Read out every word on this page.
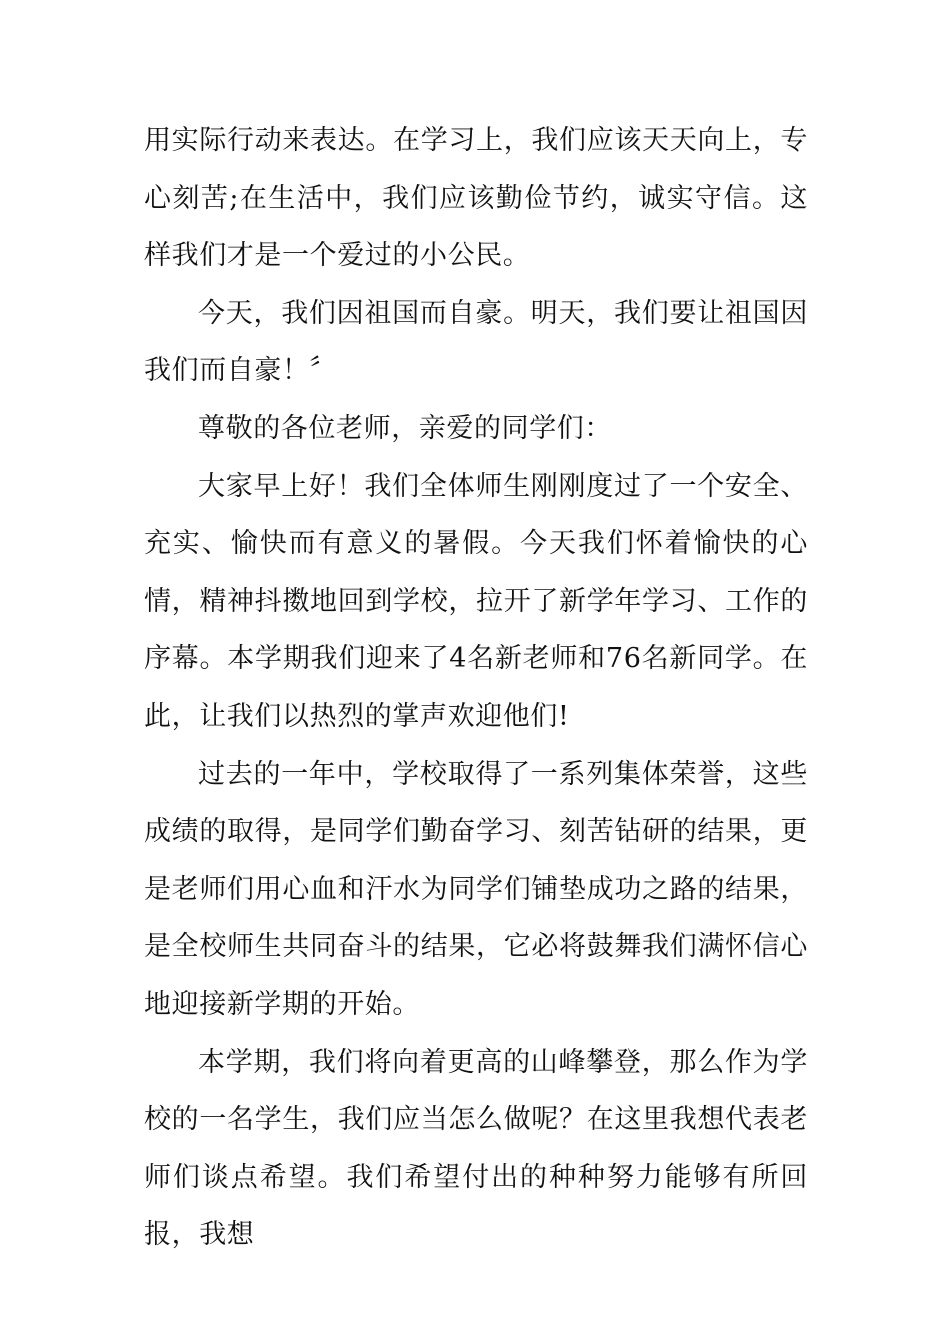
用实际行动来表达。在学习上，我们应该天天向上，专心刻苦;在生活中，我们应该勤俭节约，诚实守信。这样我们才是一个爱过的小公民。

今天，我们因祖国而自豪。明天，我们要让祖国因我们而自豪！〞

尊敬的各位老师，亲爱的同学们：

大家早上好！我们全体师生刚刚度过了一个安全、充实、愉快而有意义的暑假。今天我们怀着愉快的心情，精神抖擞地回到学校，拉开了新学年学习、工作的序幕。本学期我们迎来了4名新老师和76名新同学。在此，让我们以热烈的掌声欢迎他们!

过去的一年中，学校取得了一系列集体荣誉，这些成绩的取得，是同学们勤奋学习、刻苦钻研的结果，更是老师们用心血和汗水为同学们铺垫成功之路的结果，是全校师生共同奋斗的结果，它必将鼓舞我们满怀信心地迎接新学期的开始。

本学期，我们将向着更高的山峰攀登，那么作为学校的一名学生，我们应当怎么做呢？在这里我想代表老师们谈点希望。我们希望付出的种种努力能够有所回报，我想
